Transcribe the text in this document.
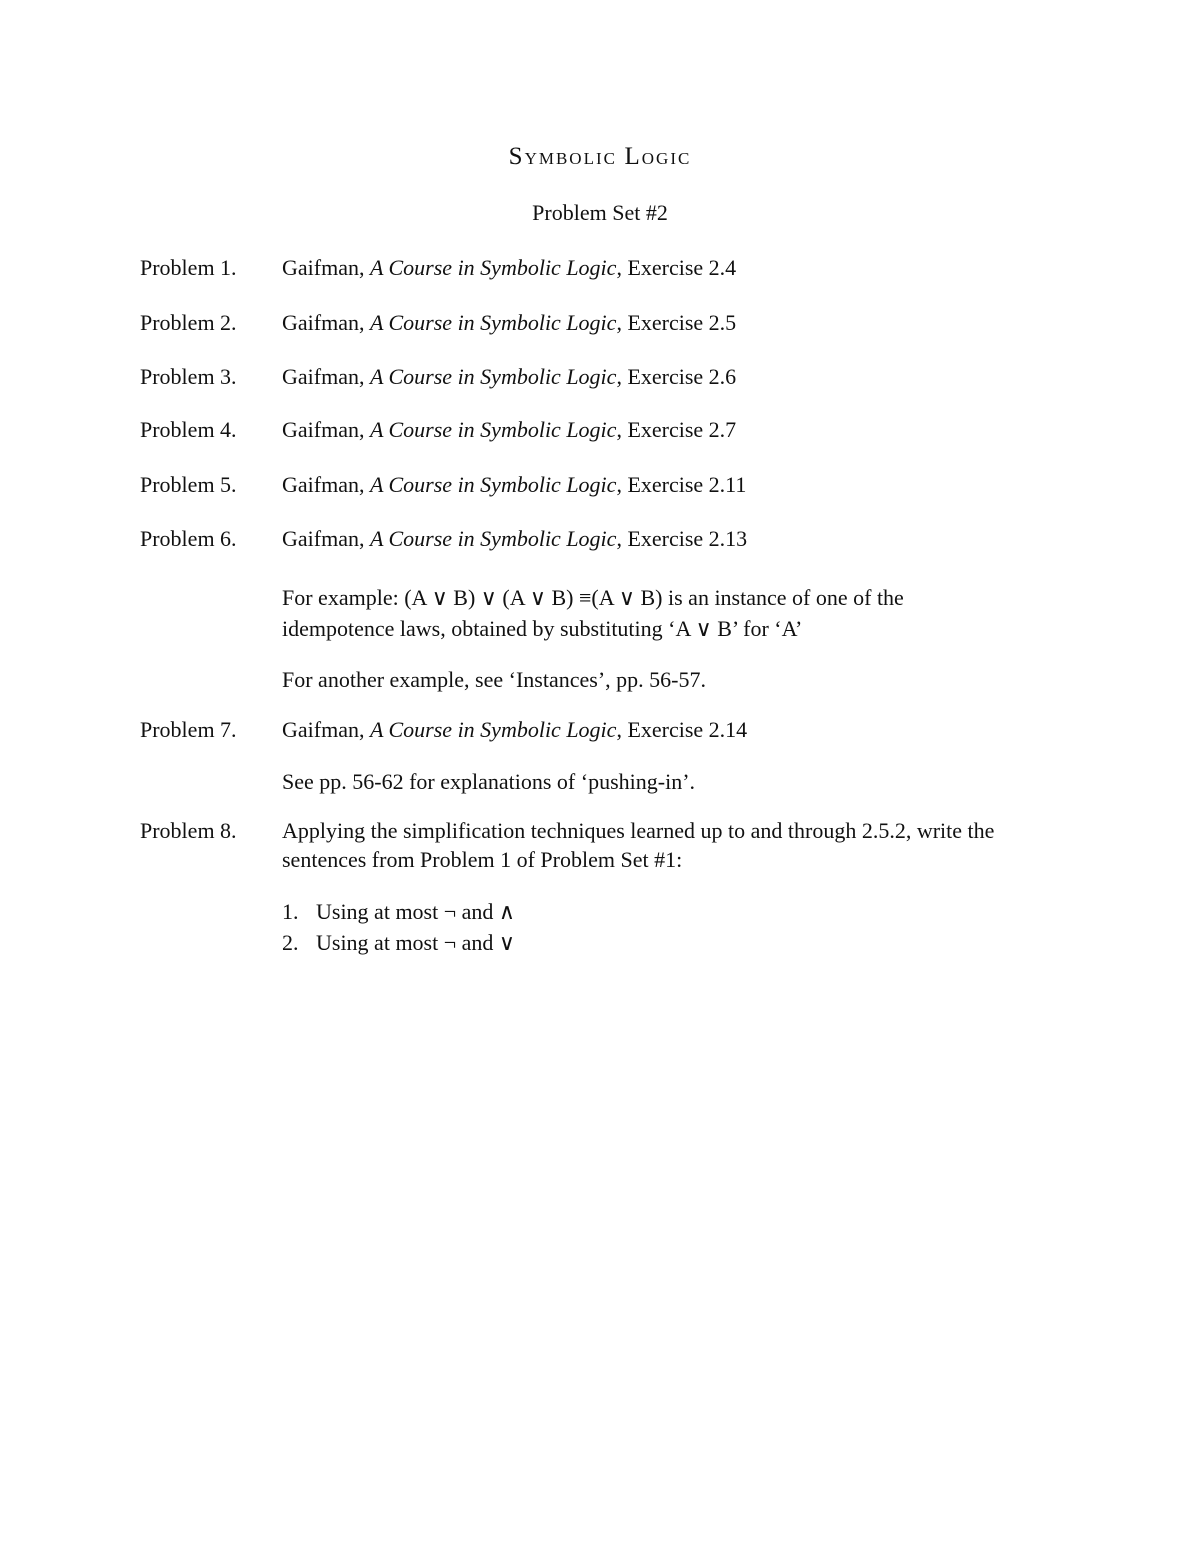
SYMBOLIC LOGIC
Problem Set #2
Problem 1. Gaifman, A Course in Symbolic Logic, Exercise 2.4
Problem 2. Gaifman, A Course in Symbolic Logic, Exercise 2.5
Problem 3. Gaifman, A Course in Symbolic Logic, Exercise 2.6
Problem 4. Gaifman, A Course in Symbolic Logic, Exercise 2.7
Problem 5. Gaifman, A Course in Symbolic Logic, Exercise 2.11
Problem 6. Gaifman, A Course in Symbolic Logic, Exercise 2.13
For example: (A ∨ B) ∨ (A ∨ B) ≡(A ∨ B) is an instance of one of the
idempotence laws, obtained by substituting ‘A ∨ B’ for ‘A’
For another example, see ‘Instances’, pp. 56-57.
Problem 7. Gaifman, A Course in Symbolic Logic, Exercise 2.14
See pp. 56-62 for explanations of ‘pushing-in’.
Problem 8. Applying the simplification techniques learned up to and through 2.5.2, write the
sentences from Problem 1 of Problem Set #1:
1. Using at most ¬ and ∧
2. Using at most ¬ and ∨
